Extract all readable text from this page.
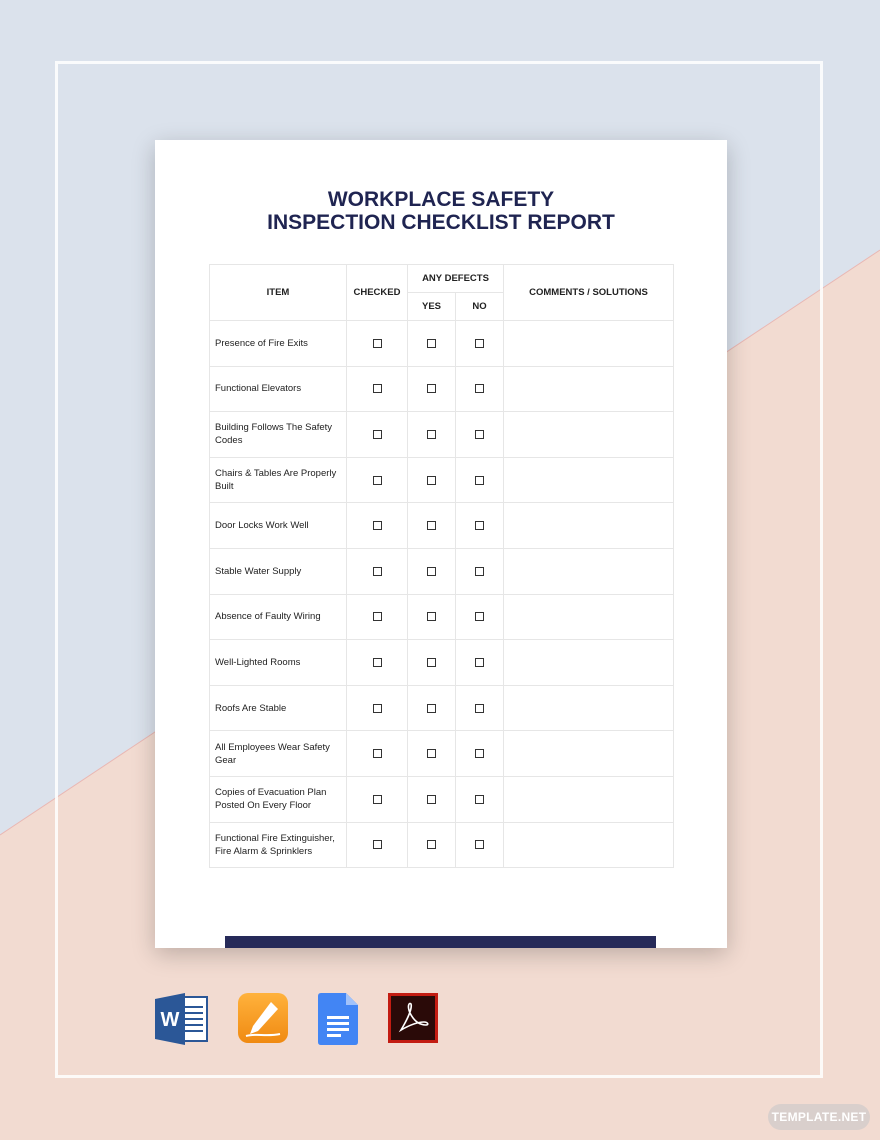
WORKPLACE SAFETY
INSPECTION CHECKLIST REPORT
ITEM	CHECKED	ANY DEFECTS		COMMENTS / SOLUTIONS
		YES	NO	
Presence of Fire Exits				
Functional Elevators				
Building Follows The Safety Codes				
Chairs & Tables Are Properly Built				
Door Locks Work Well				
Stable Water Supply				
Absence of Faulty Wiring				
Well-Lighted Rooms				
Roofs Are Stable				
All Employees Wear Safety Gear				
Copies of Evacuation Plan Posted On Every Floor				
Functional Fire Extinguisher, Fire Alarm & Sprinklers				
W
TEMPLATE.NET
